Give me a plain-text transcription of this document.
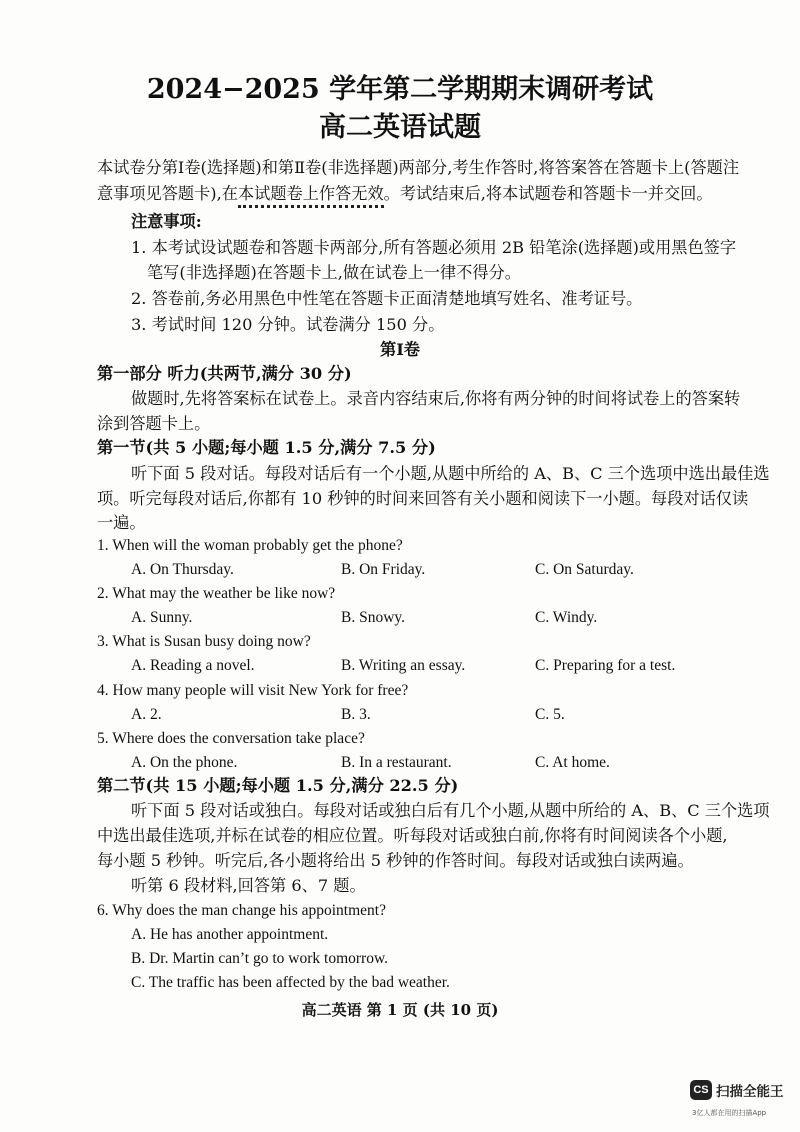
2024−2025 学年第二学期期末调研考试
高二英语试题
本试卷分第Ⅰ卷(选择题)和第Ⅱ卷(非选择题)两部分,考生作答时,将答案答在答题卡上(答题注
意事项见答题卡),在本试题卷上作答无效。考试结束后,将本试题卷和答题卡一并交回。
注意事项:
1. 本考试设试题卷和答题卡两部分,所有答题必须用 2B 铅笔涂(选择题)或用黑色签字
笔写(非选择题)在答题卡上,做在试卷上一律不得分。
2. 答卷前,务必用黑色中性笔在答题卡正面清楚地填写姓名、准考证号。
3. 考试时间 120 分钟。试卷满分 150 分。
第Ⅰ卷
第一部分 听力(共两节,满分 30 分)
做题时,先将答案标在试卷上。录音内容结束后,你将有两分钟的时间将试卷上的答案转
涂到答题卡上。
第一节(共 5 小题;每小题 1.5 分,满分 7.5 分)
听下面 5 段对话。每段对话后有一个小题,从题中所给的 A、B、C 三个选项中选出最佳选
项。听完每段对话后,你都有 10 秒钟的时间来回答有关小题和阅读下一小题。每段对话仅读
一遍。
1. When will the woman probably get the phone?
A. On Thursday.	B. On Friday.	C. On Saturday.
2. What may the weather be like now?
A. Sunny.	B. Snowy.	C. Windy.
3. What is Susan busy doing now?
A. Reading a novel.	B. Writing an essay.	C. Preparing for a test.
4. How many people will visit New York for free?
A. 2.	B. 3.	C. 5.
5. Where does the conversation take place?
A. On the phone.	B. In a restaurant.	C. At home.
第二节(共 15 小题;每小题 1.5 分,满分 22.5 分)
听下面 5 段对话或独白。每段对话或独白后有几个小题,从题中所给的 A、B、C 三个选项
中选出最佳选项,并标在试卷的相应位置。听每段对话或独白前,你将有时间阅读各个小题,
每小题 5 秒钟。听完后,各小题将给出 5 秒钟的作答时间。每段对话或独白读两遍。
听第 6 段材料,回答第 6、7 题。
6. Why does the man change his appointment?
A. He has another appointment.
B. Dr. Martin can’t go to work tomorrow.
C. The traffic has been affected by the bad weather.
高二英语 第 1 页 (共 10 页)
CS 扫描全能王
3亿人都在用的扫描App
